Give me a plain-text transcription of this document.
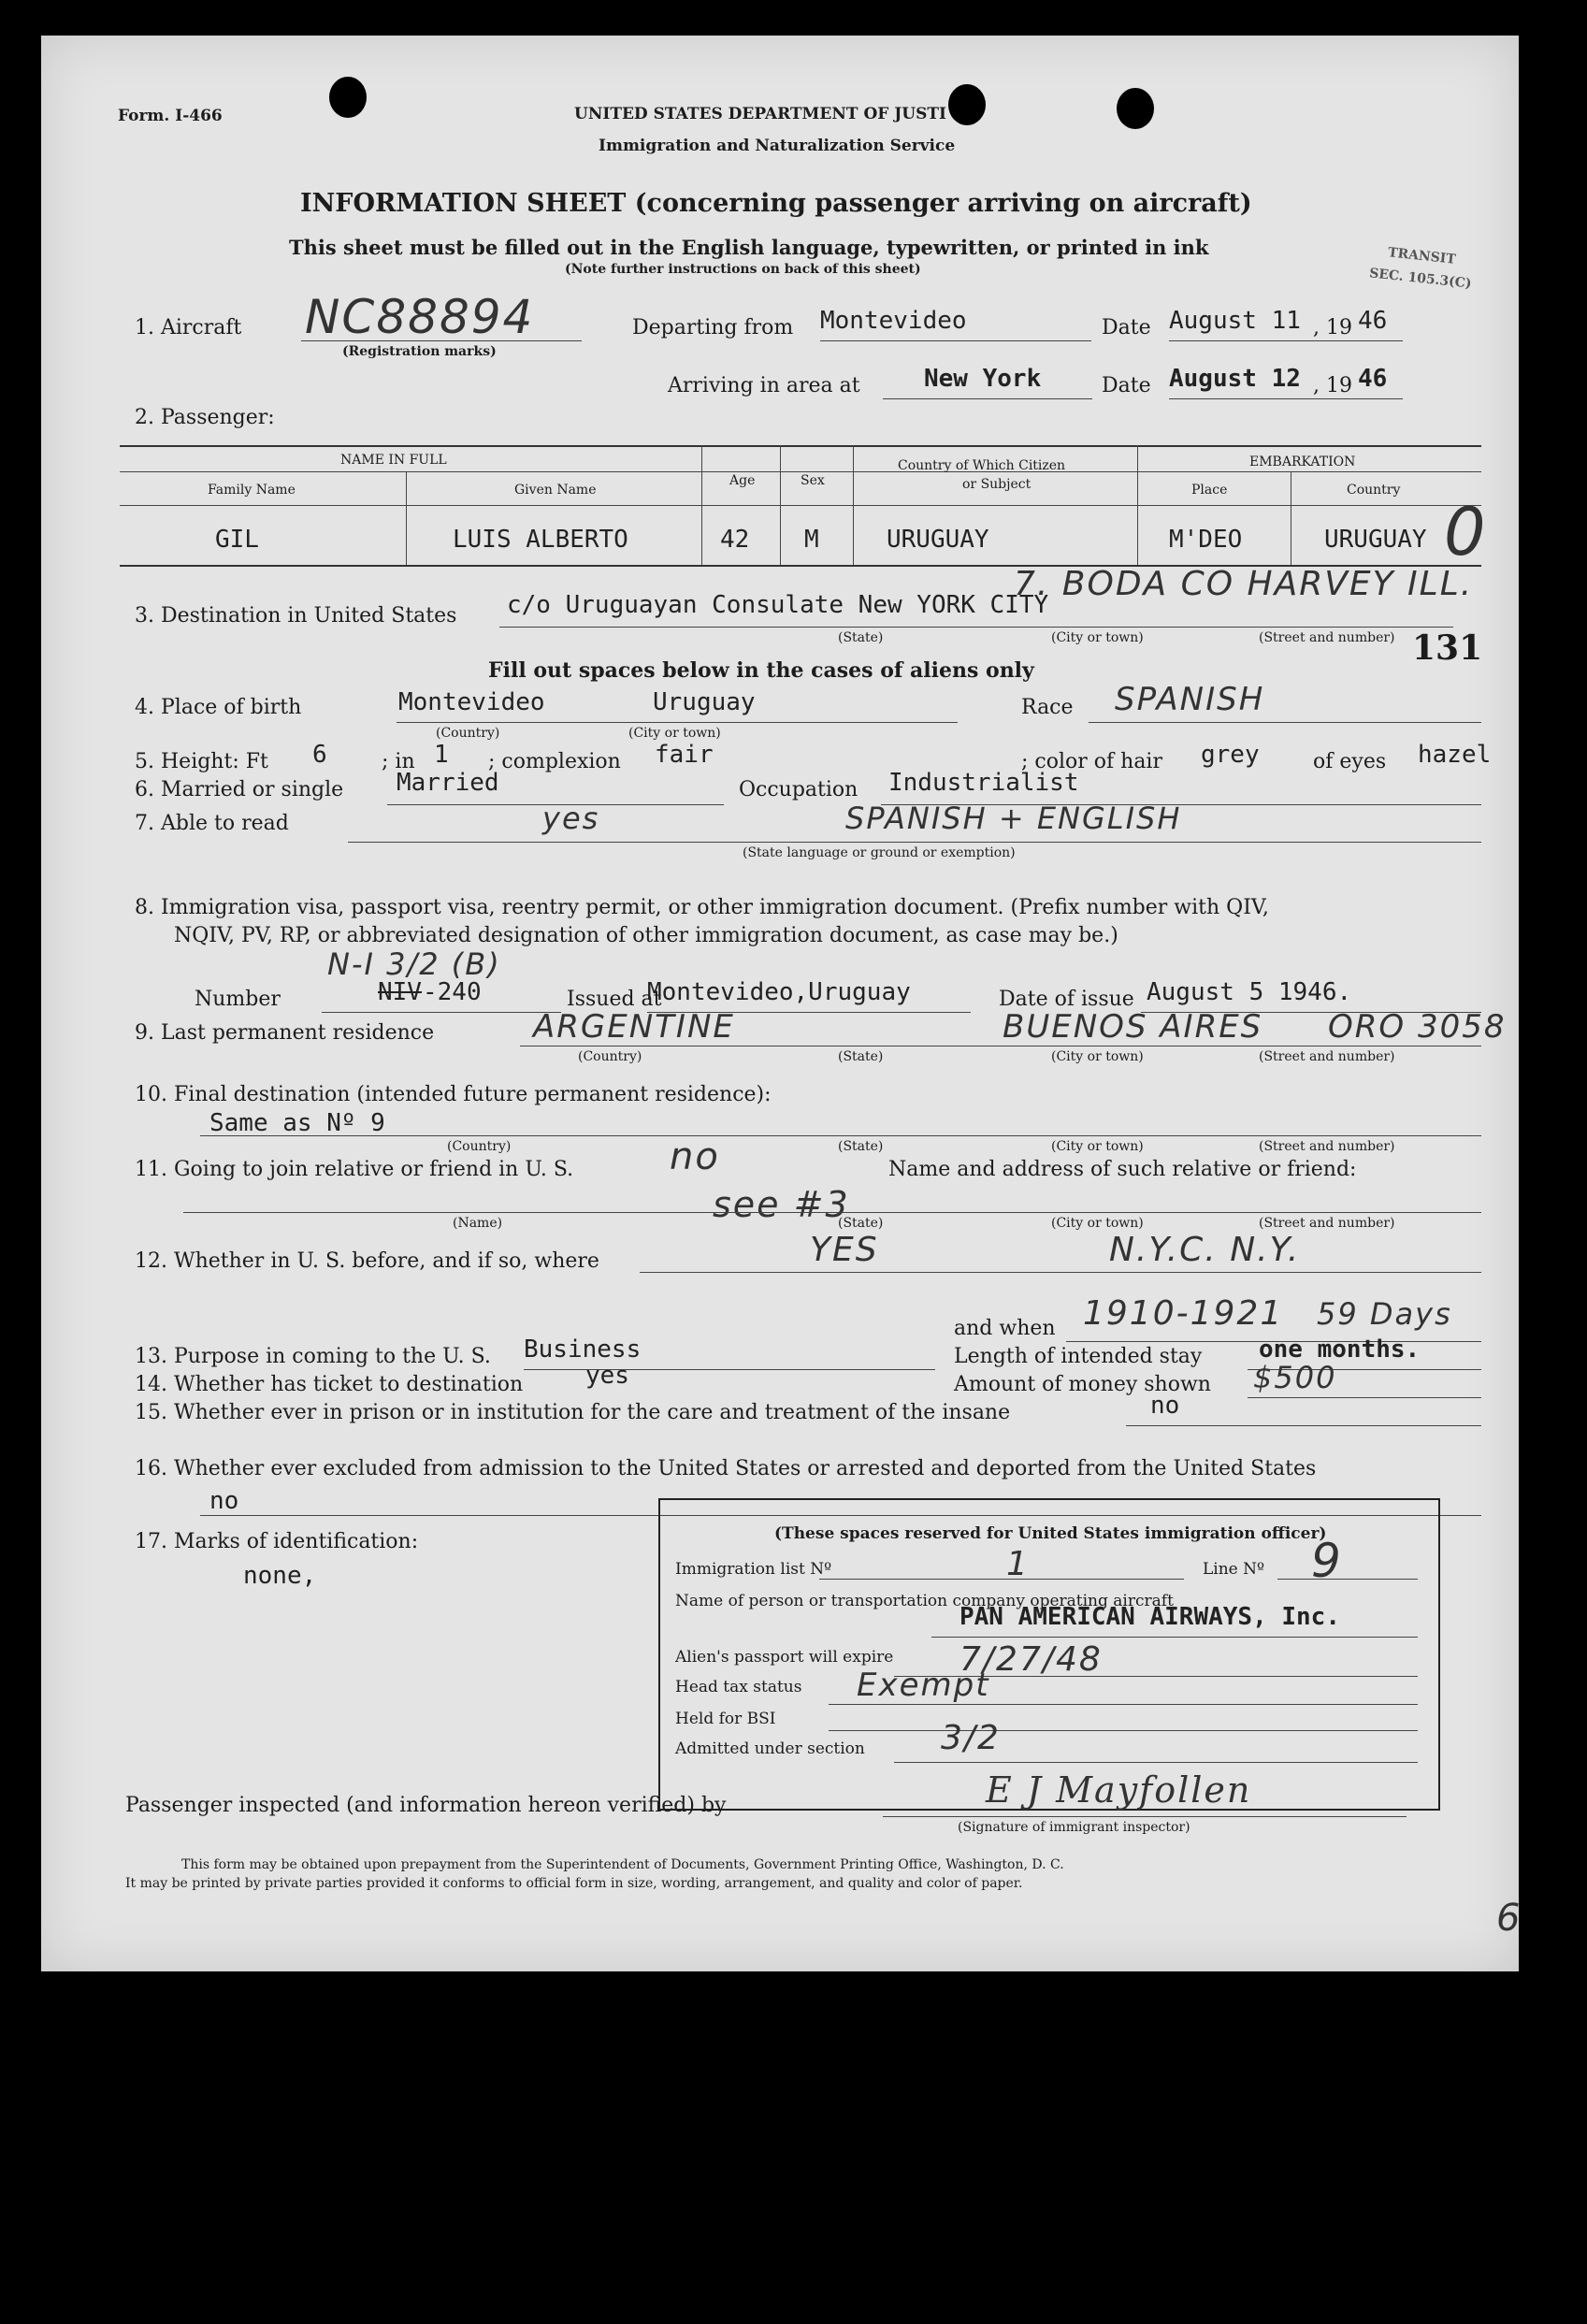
Form. I-466	UNITED STATES DEPARTMENT OF JUSTI
Immigration and Naturalization Service
INFORMATION SHEET (concerning passenger arriving on aircraft)
This sheet must be filled out in the English language, typewritten, or printed in ink
(Note further instructions on back of this sheet)
TRANSIT
SEC. 105.3(C)
1. Aircraft NC88894
(Registration marks)
Departing from Montevideo	Date August 11 , 19 46
Arriving in area at	New York	Date August 12 , 19 46
2. Passenger:
NAME IN FULL
Family Name	Given Name
Age	Sex
Country of Which Citizen
or Subject
EMBARKATION
Place	Country
GIL	LUIS ALBERTO	42 M	URUGUAY	M'DEO	URUGUAY 0
3. Destination in United States c/o Uruguayan Consulate New YORK CITY
7. BODA CO HARVEY ILL.
(State)	(City or town)	(Street and number) 131
Fill out spaces below in the cases of aliens only
4. Place of birth	Montevideo	Uruguay
(Country)	(City or town)
Race SPANISH
5. Height: Ft 6	; in 1 ; complexion fair	; color of hair grey	of eyes hazel
6. Married or single Married	Occupation Industrialist
7. Able to read	yes	SPANISH + ENGLISH
(State language or ground or exemption)
8. Immigration visa, passport visa, reentry permit, or other immigration document. (Prefix number with QIV,
NQIV, PV, RP, or abbreviated designation of other immigration document, as case may be.)
N-I 3/2 (B)
Number	NIV -240	Issued at
Montevideo,Uruguay	Date of issue August 5 1946.
9. Last permanent residence	ARGENTINE	BUENOS AIRES ORO 3058
(Country)	(State)	(City or town)	(Street and number)
10. Final destination (intended future permanent residence):
Same as Nº 9
(Country)	(State)	(City or town)	(Street and number)
11. Going to join relative or friend in U. S.	no	Name and address of such relative or friend:
see #3
(Name)	(State)	(City or town)	(Street and number)
12. Whether in U. S. before, and if so, where	YES	N.Y.C. N.Y.
and when 1910-1921 59 Days
13. Purpose in coming to the U. S. Business	Length of intended stay one months.
14. Whether has ticket to destination	yes	Amount of money shown $500
15. Whether ever in prison or in institution for the care and treatment of the insane	no
16. Whether ever excluded from admission to the United States or arrested and deported from the United States
no
17. Marks of identification:
none,
(These spaces reserved for United States immigration officer)
Immigration list Nº	1	Line Nº 9
Name of person or transportation company operating aircraft
PAN AMERICAN AIRWAYS, Inc.
Alien's passport will expire 7/27/48
Head tax status Exempt
Held for BSI
Admitted under section 3/2
Passenger inspected (and information hereon verified) by	E J Mayfollen
(Signature of immigrant inspector)
This form may be obtained upon prepayment from the Superintendent of Documents, Government Printing Office, Washington, D. C.
It may be printed by private parties provided it conforms to official form in size, wording, arrangement, and quality and color of paper.
6
